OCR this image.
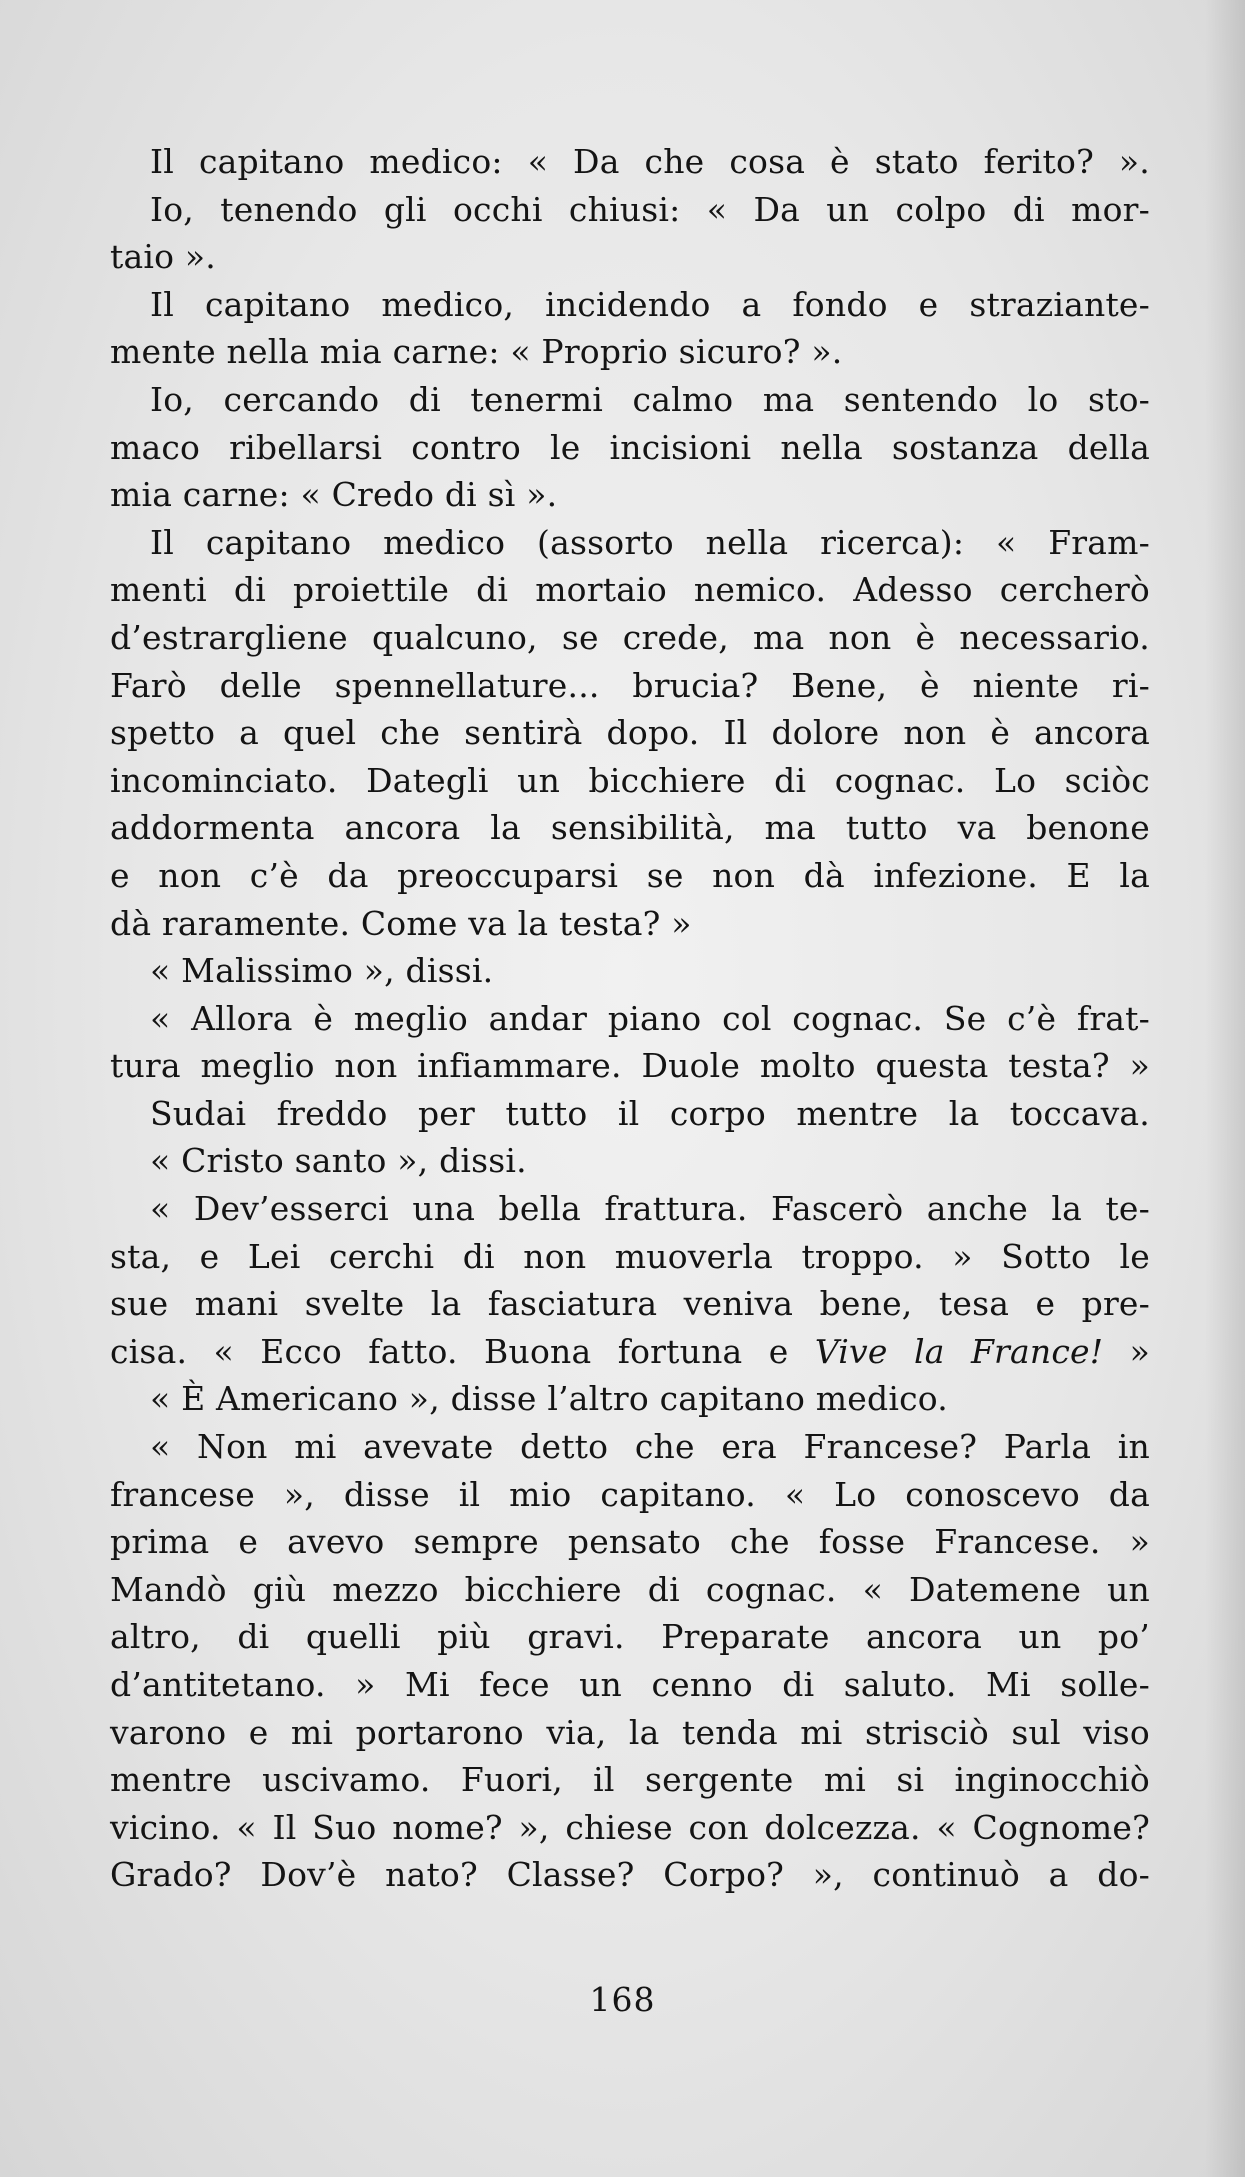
Il capitano medico: « Da che cosa è stato ferito? ».
Io, tenendo gli occhi chiusi: « Da un colpo di mor-
taio ».
Il capitano medico, incidendo a fondo e straziante-
mente nella mia carne: « Proprio sicuro? ».
Io, cercando di tenermi calmo ma sentendo lo sto-
maco ribellarsi contro le incisioni nella sostanza della
mia carne: « Credo di sì ».
Il capitano medico (assorto nella ricerca): « Fram-
menti di proiettile di mortaio nemico. Adesso cercherò
d’estrargliene qualcuno, se crede, ma non è necessario.
Farò delle spennellature... brucia? Bene, è niente ri-
spetto a quel che sentirà dopo. Il dolore non è ancora
incominciato. Dategli un bicchiere di cognac. Lo sciòc
addormenta ancora la sensibilità, ma tutto va benone
e non c’è da preoccuparsi se non dà infezione. E la
dà raramente. Come va la testa? »
« Malissimo », dissi.
« Allora è meglio andar piano col cognac. Se c’è frat-
tura meglio non infiammare. Duole molto questa testa? »
Sudai freddo per tutto il corpo mentre la toccava.
« Cristo santo », dissi.
« Dev’esserci una bella frattura. Fascerò anche la te-
sta, e Lei cerchi di non muoverla troppo. » Sotto le
sue mani svelte la fasciatura veniva bene, tesa e pre-
cisa. « Ecco fatto. Buona fortuna e Vive la France! »
« È Americano », disse l’altro capitano medico.
« Non mi avevate detto che era Francese? Parla in
francese », disse il mio capitano. « Lo conoscevo da
prima e avevo sempre pensato che fosse Francese. »
Mandò giù mezzo bicchiere di cognac. « Datemene un
altro, di quelli più gravi. Preparate ancora un po’
d’antitetano. » Mi fece un cenno di saluto. Mi solle-
varono e mi portarono via, la tenda mi strisciò sul viso
mentre uscivamo. Fuori, il sergente mi si inginocchiò
vicino. « Il Suo nome? », chiese con dolcezza. « Cognome?
Grado? Dov’è nato? Classe? Corpo? », continuò a do-
168
